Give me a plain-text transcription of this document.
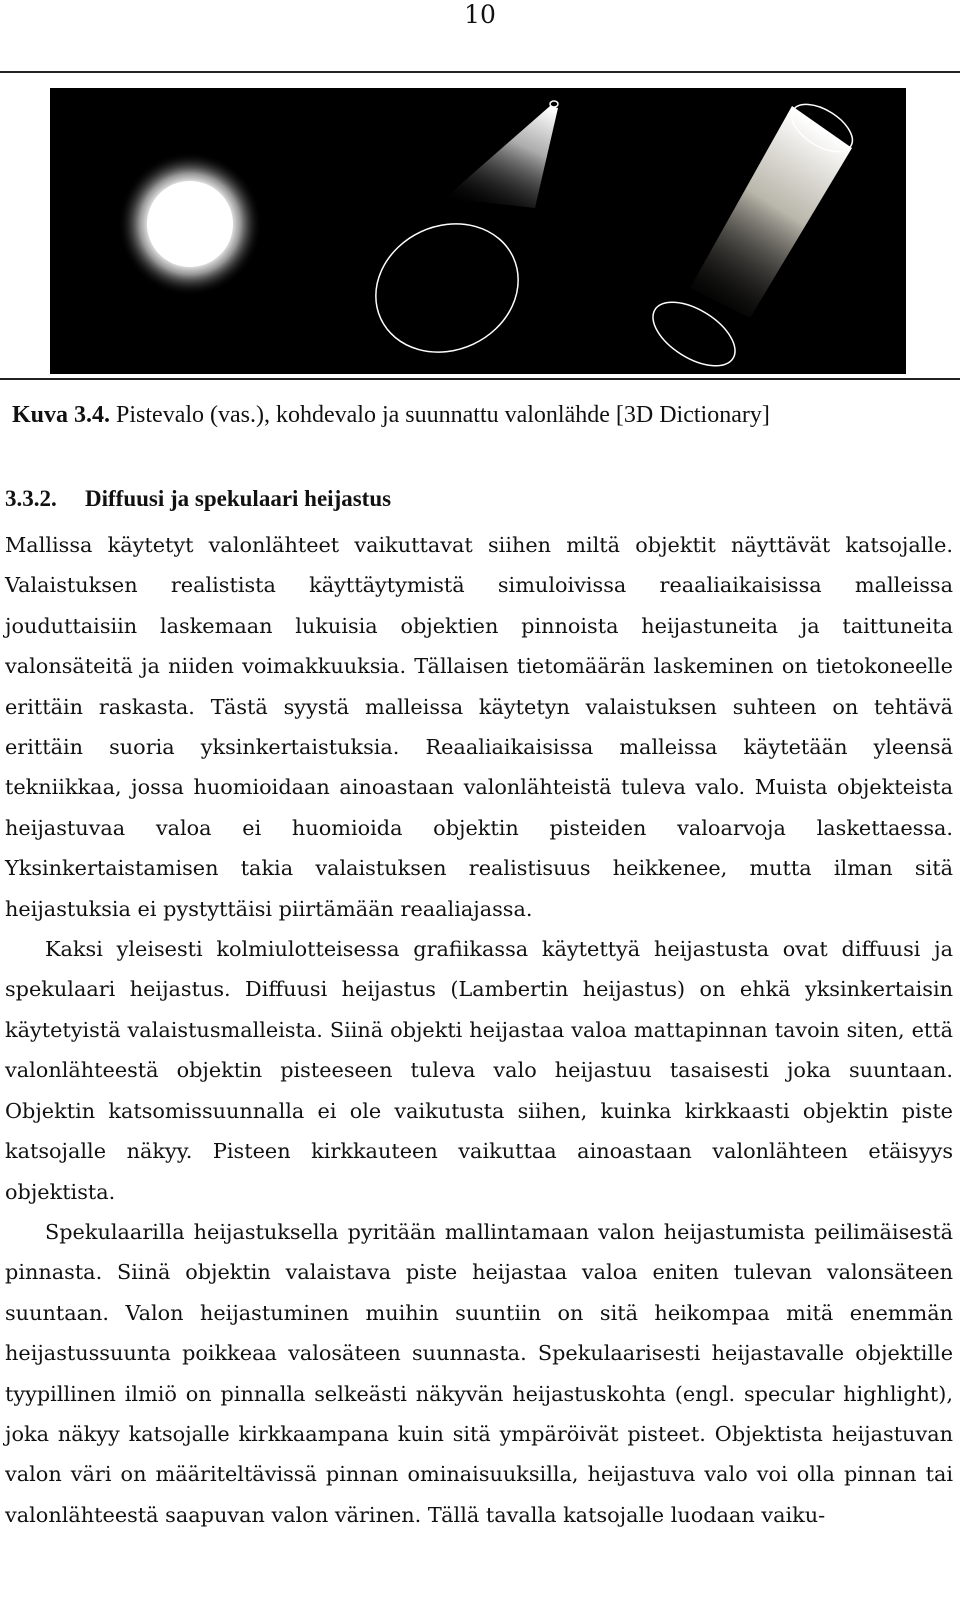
10
Kuva 3.4. Pistevalo (vas.), kohdevalo ja suunnattu valonlähde [3D Dictionary]
3.3.2. Diffuusi ja spekulaari heijastus

Mallissa käytetyt valonlähteet vaikuttavat siihen miltä objektit näyttävät katsojalle. Valaistuksen realistista käyttäytymistä simuloivissa reaaliaikaisissa malleissa jouduttaisiin laskemaan lukuisia objektien pinnoista heijastuneita ja taittuneita valonsäteitä ja niiden voimakkuuksia. Tällaisen tietomäärän laskeminen on tietokoneelle erittäin raskasta. Tästä syystä malleissa käytetyn valaistuksen suhteen on tehtävä erittäin suoria yksinkertaistuksia. Reaaliaikaisissa malleissa käytetään yleensä tekniikkaa, jossa huomioidaan ainoastaan valonlähteistä tuleva valo. Muista objekteista heijastuvaa valoa ei huomioida objektin pisteiden valoarvoja laskettaessa. Yksinkertaistamisen takia valaistuksen realistisuus heikkenee, mutta ilman sitä heijastuksia ei pystyttäisi piirtämään reaaliajassa.

Kaksi yleisesti kolmiulotteisessa grafiikassa käytettyä heijastusta ovat diffuusi ja spekulaari heijastus. Diffuusi heijastus (Lambertin heijastus) on ehkä yksinkertaisin käytetyistä valaistusmalleista. Siinä objekti heijastaa valoa mattapinnan tavoin siten, että valonlähteestä objektin pisteeseen tuleva valo heijastuu tasaisesti joka suuntaan. Objektin katsomissuunnalla ei ole vaikutusta siihen, kuinka kirkkaasti objektin piste katsojalle näkyy. Pisteen kirkkauteen vaikuttaa ainoastaan valonlähteen etäisyys objektista.

Spekulaarilla heijastuksella pyritään mallintamaan valon heijastumista peilimäisestä pinnasta. Siinä objektin valaistava piste heijastaa valoa eniten tulevan valonsäteen suuntaan. Valon heijastuminen muihin suuntiin on sitä heikompaa mitä enemmän heijastussuunta poikkeaa valosäteen suunnasta. Spekulaarisesti heijastavalle objektille tyypillinen ilmiö on pinnalla selkeästi näkyvän heijastuskohta (engl. specular highlight), joka näkyy katsojalle kirkkaampana kuin sitä ympäröivät pisteet. Objektista heijastuvan valon väri on määriteltävissä pinnan ominaisuuksilla, heijastuva valo voi olla pinnan tai valonlähteestä saapuvan valon värinen. Tällä tavalla katsojalle luodaan vaiku-
